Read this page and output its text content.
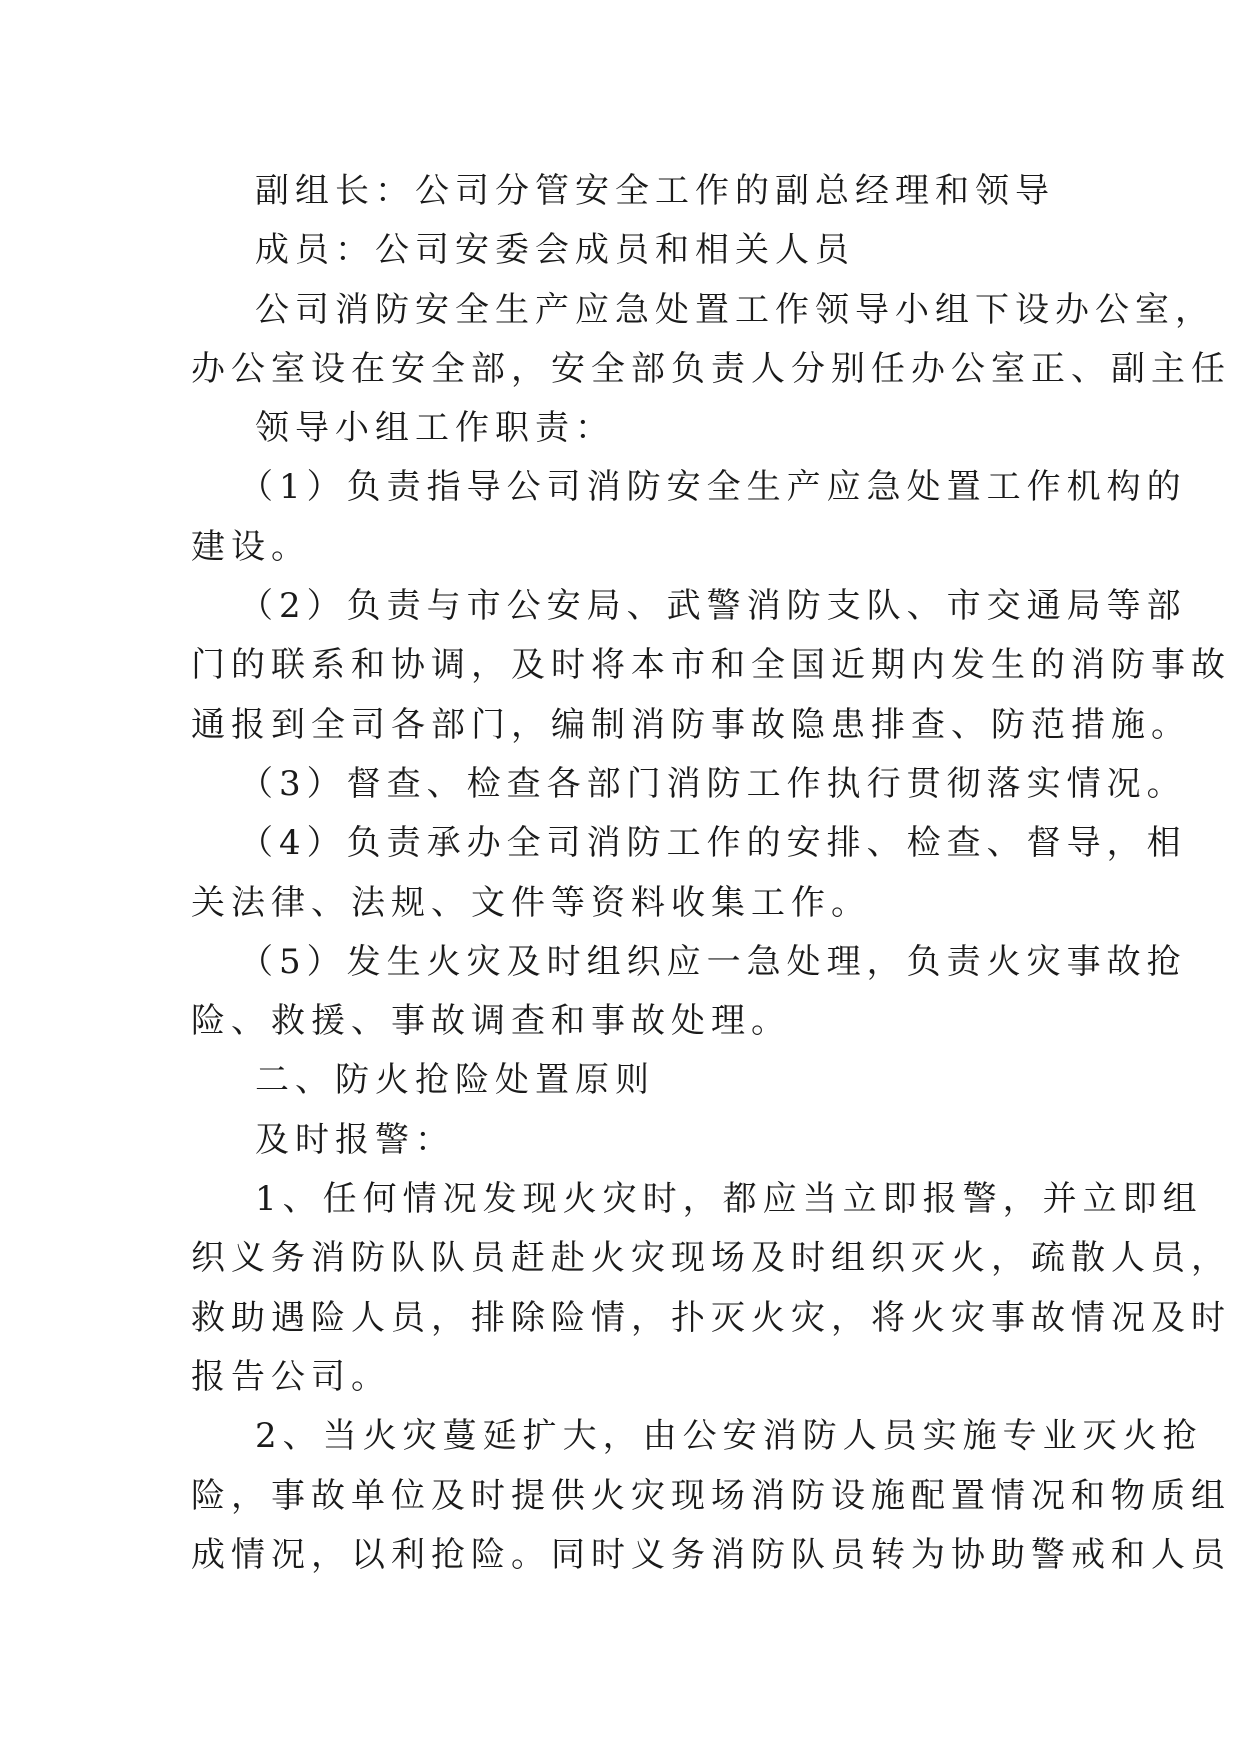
副组长：公司分管安全工作的副总经理和领导
成员：公司安委会成员和相关人员
公司消防安全生产应急处置工作领导小组下设办公室，
办公室设在安全部，安全部负责人分别任办公室正、副主任
领导小组工作职责：
（1）负责指导公司消防安全生产应急处置工作机构的
建设。
（2）负责与市公安局、武警消防支队、市交通局等部
门的联系和协调，及时将本市和全国近期内发生的消防事故
通报到全司各部门，编制消防事故隐患排查、防范措施。
（3）督查、检查各部门消防工作执行贯彻落实情况。
（4）负责承办全司消防工作的安排、检查、督导，相
关法律、法规、文件等资料收集工作。
（5）发生火灾及时组织应一急处理，负责火灾事故抢
险、救援、事故调查和事故处理。
二、防火抢险处置原则
及时报警：
1、任何情况发现火灾时，都应当立即报警，并立即组
织义务消防队队员赶赴火灾现场及时组织灭火，疏散人员，
救助遇险人员，排除险情，扑灭火灾，将火灾事故情况及时
报告公司。
2、当火灾蔓延扩大，由公安消防人员实施专业灭火抢
险，事故单位及时提供火灾现场消防设施配置情况和物质组
成情况，以利抢险。同时义务消防队员转为协助警戒和人员
